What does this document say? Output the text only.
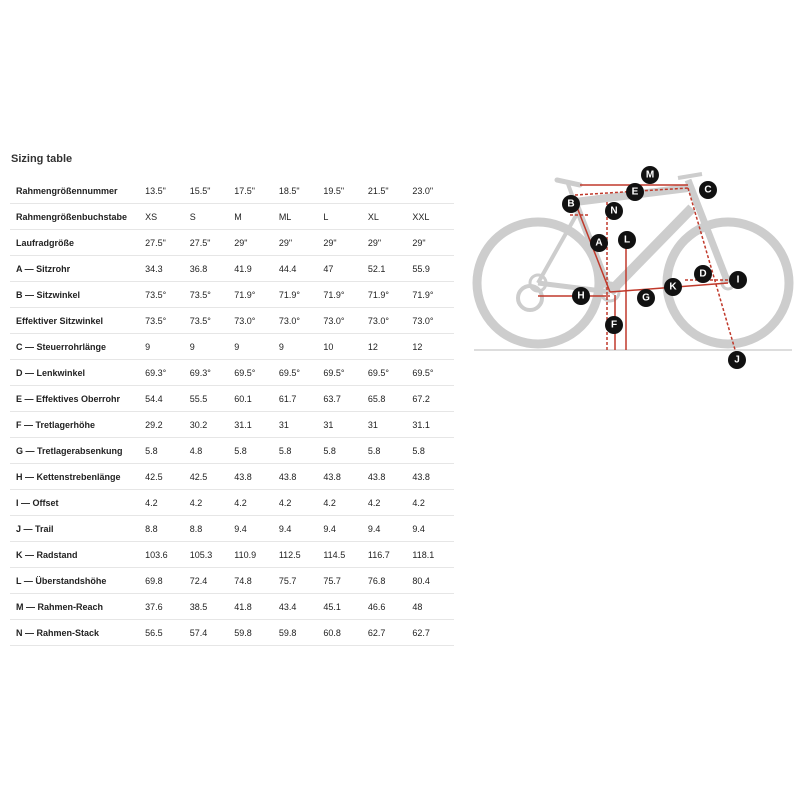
Sizing table
Rahmengrößennummer	13.5"	15.5"	17.5"	18.5"	19.5"	21.5"	23.0"
Rahmengrößenbuchstabe	XS	S	M	ML	L	XL	XXL
Laufradgröße	27.5"	27.5"	29"	29"	29"	29"	29"
A — Sitzrohr	34.3	36.8	41.9	44.4	47	52.1	55.9
B — Sitzwinkel	73.5°	73.5°	71.9°	71.9°	71.9°	71.9°	71.9°
Effektiver Sitzwinkel	73.5°	73.5°	73.0°	73.0°	73.0°	73.0°	73.0°
C — Steuerrohrlänge	9	9	9	9	10	12	12
D — Lenkwinkel	69.3°	69.3°	69.5°	69.5°	69.5°	69.5°	69.5°
E — Effektives Oberrohr	54.4	55.5	60.1	61.7	63.7	65.8	67.2
F — Tretlagerhöhe	29.2	30.2	31.1	31	31	31	31.1
G — Tretlagerabsenkung	5.8	4.8	5.8	5.8	5.8	5.8	5.8
H — Kettenstrebenlänge	42.5	42.5	43.8	43.8	43.8	43.8	43.8
I — Offset	4.2	4.2	4.2	4.2	4.2	4.2	4.2
J — Trail	8.8	8.8	9.4	9.4	9.4	9.4	9.4
K — Radstand	103.6	105.3	110.9	112.5	114.5	116.7	118.1
L — Überstandshöhe	69.8	72.4	74.8	75.7	75.7	76.8	80.4
M — Rahmen-Reach	37.6	38.5	41.8	43.4	45.1	46.6	48
N — Rahmen-Stack	56.5	57.4	59.8	59.8	60.8	62.7	62.7
M
E	C
B
N
A L
D
I
K
H	G
F
J
